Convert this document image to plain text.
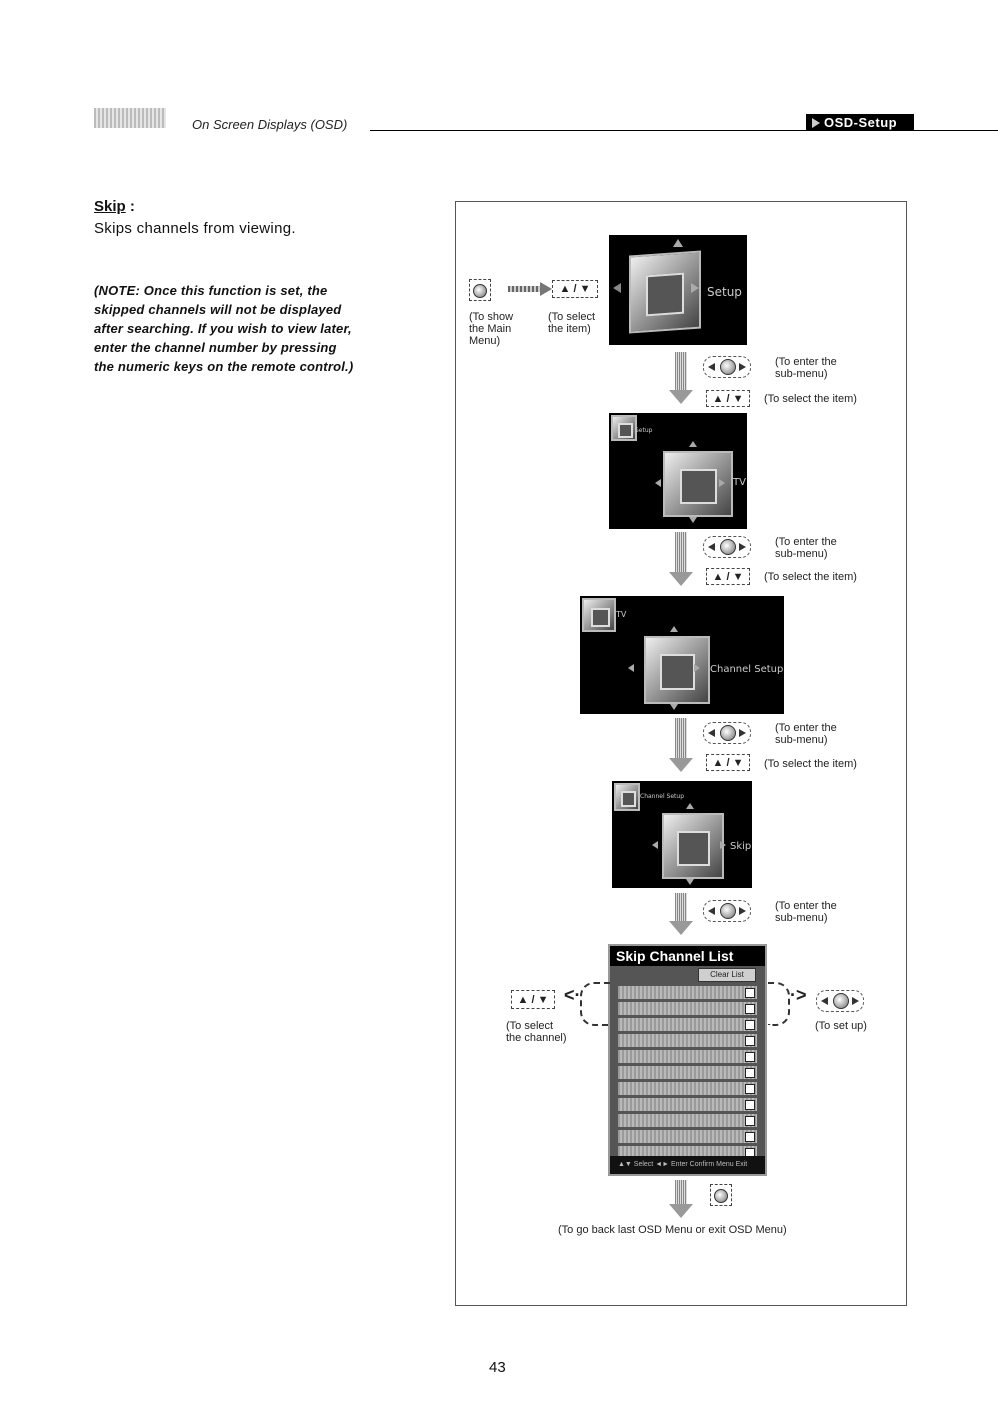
On Screen Displays (OSD)	OSD-Setup
Skip :
Skips channels from viewing.
(NOTE: Once this function is set, the
skipped channels will not be displayed
after searching. If you wish to view later,
enter the channel number by pressing
the numeric keys on the remote control.)
▲ / ▼
(To show
the Main
Menu)
(To select
the item)
Setup
(To enter the
sub-menu)
▲ / ▼	(To select the item)
Setup
TV
(To enter the
sub-menu)
▲ / ▼	(To select the item)
TV
Channel Setup
(To enter the
sub-menu)
▲ / ▼	(To select the item)
Channel Setup
Skip
(To enter the
sub-menu)
Skip Channel List
Clear List
▲▼ Select ◄► Enter Confirm Menu Exit
▲ / ▼ <·
(To select
the channel)
·>
(To set up)
(To go back last OSD Menu or exit OSD Menu)
43
